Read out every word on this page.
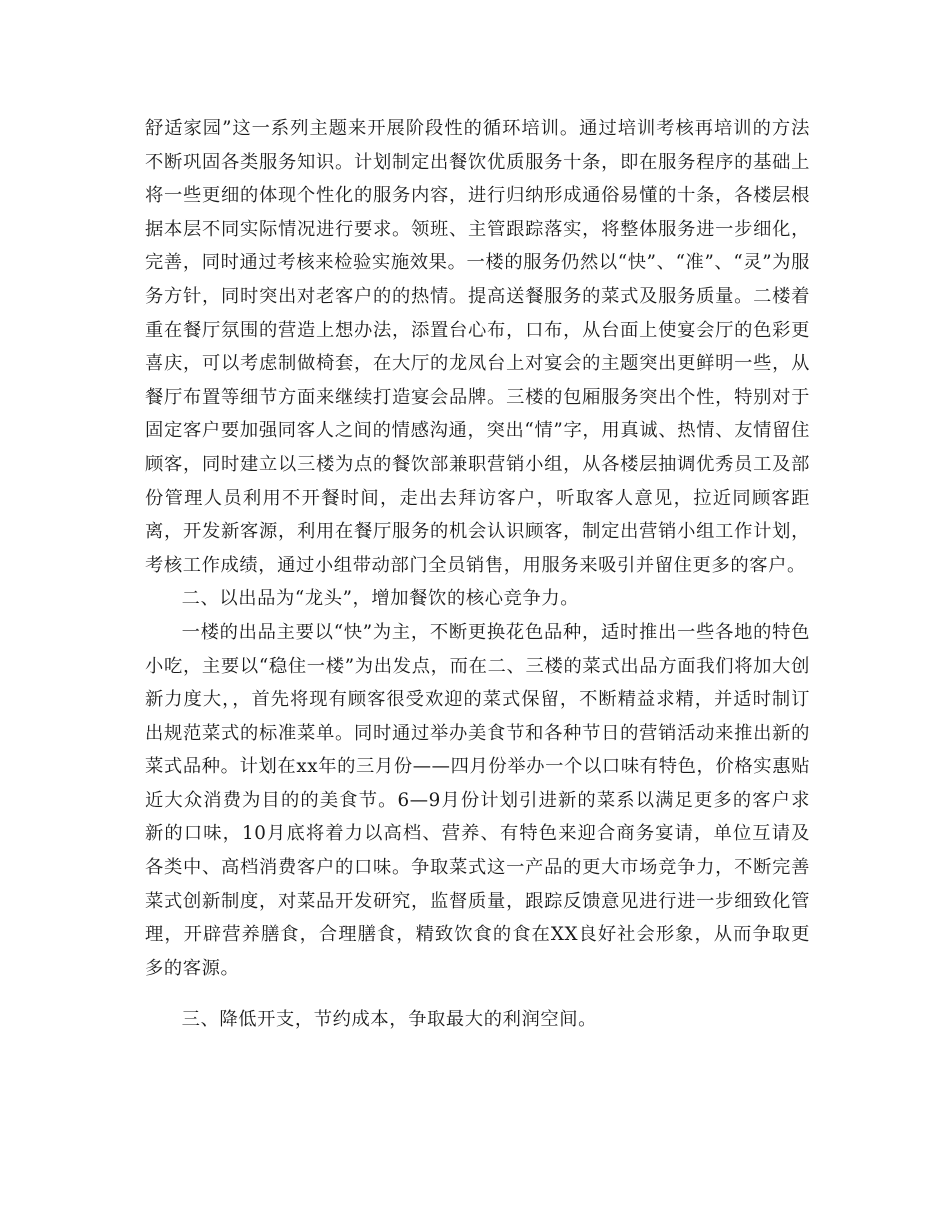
舒适家园”这一系列主题来开展阶段性的循环培训。通过培训考核再培训的方法不断巩固各类服务知识。计划制定出餐饮优质服务十条，即在服务程序的基础上将一些更细的体现个性化的服务内容，进行归纳形成通俗易懂的十条，各楼层根据本层不同实际情况进行要求。领班、主管跟踪落实，将整体服务进一步细化，完善，同时通过考核来检验实施效果。一楼的服务仍然以“快”、“准”、“灵”为服务方针，同时突出对老客户的的热情。提高送餐服务的菜式及服务质量。二楼着重在餐厅氛围的营造上想办法，添置台心布，口布，从台面上使宴会厅的色彩更喜庆，可以考虑制做椅套，在大厅的龙凤台上对宴会的主题突出更鲜明一些，从餐厅布置等细节方面来继续打造宴会品牌。三楼的包厢服务突出个性，特别对于固定客户要加强同客人之间的情感沟通，突出“情”字，用真诚、热情、友情留住顾客，同时建立以三楼为点的餐饮部兼职营销小组，从各楼层抽调优秀员工及部份管理人员利用不开餐时间，走出去拜访客户，听取客人意见，拉近同顾客距离，开发新客源，利用在餐厅服务的机会认识顾客，制定出营销小组工作计划，考核工作成绩，通过小组带动部门全员销售，用服务来吸引并留住更多的客户。

二、以出品为“龙头”，增加餐饮的核心竞争力。

一楼的出品主要以“快”为主，不断更换花色品种，适时推出一些各地的特色小吃，主要以“稳住一楼”为出发点，而在二、三楼的菜式出品方面我们将加大创新力度大，，首先将现有顾客很受欢迎的菜式保留，不断精益求精，并适时制订出规范菜式的标准菜单。同时通过举办美食节和各种节日的营销活动来推出新的菜式品种。计划在xx年的三月份——四月份举办一个以口味有特色，价格实惠贴近大众消费为目的的美食节。6—9月份计划引进新的菜系以满足更多的客户求新的口味，10月底将着力以高档、营养、有特色来迎合商务宴请，单位互请及各类中、高档消费客户的口味。争取菜式这一产品的更大市场竞争力，不断完善菜式创新制度，对菜品开发研究，监督质量，跟踪反馈意见进行进一步细致化管理，开辟营养膳食，合理膳食，精致饮食的食在XX良好社会形象，从而争取更多的客源。

三、降低开支，节约成本，争取最大的利润空间。
